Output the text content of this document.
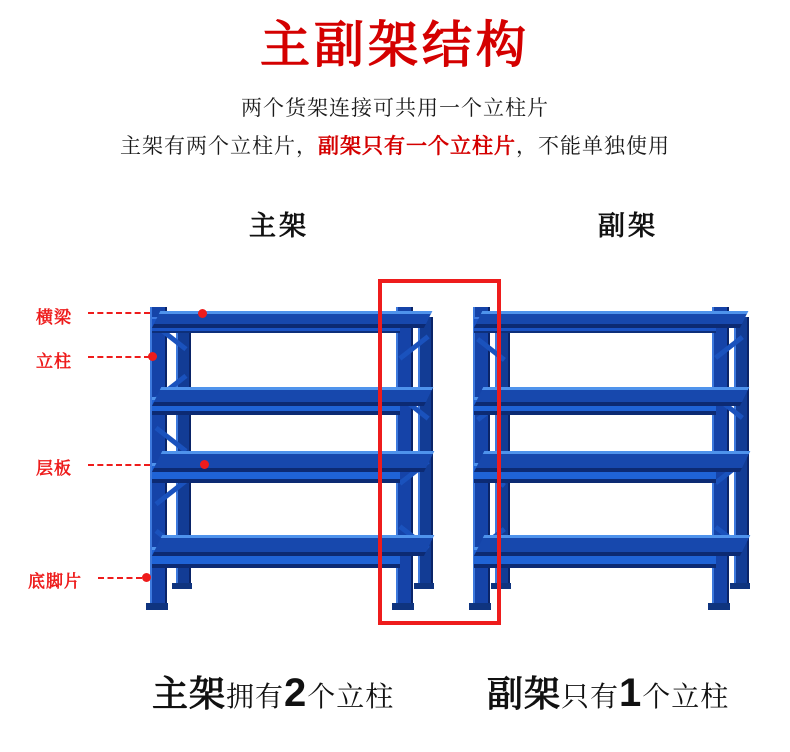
主副架结构
两个货架连接可共用一个立柱片
主架有两个立柱片，副架只有一个立柱片，不能单独使用
主架	副架
横梁
立柱
层板
底脚片
主架拥有2个立柱	副架只有1个立柱
